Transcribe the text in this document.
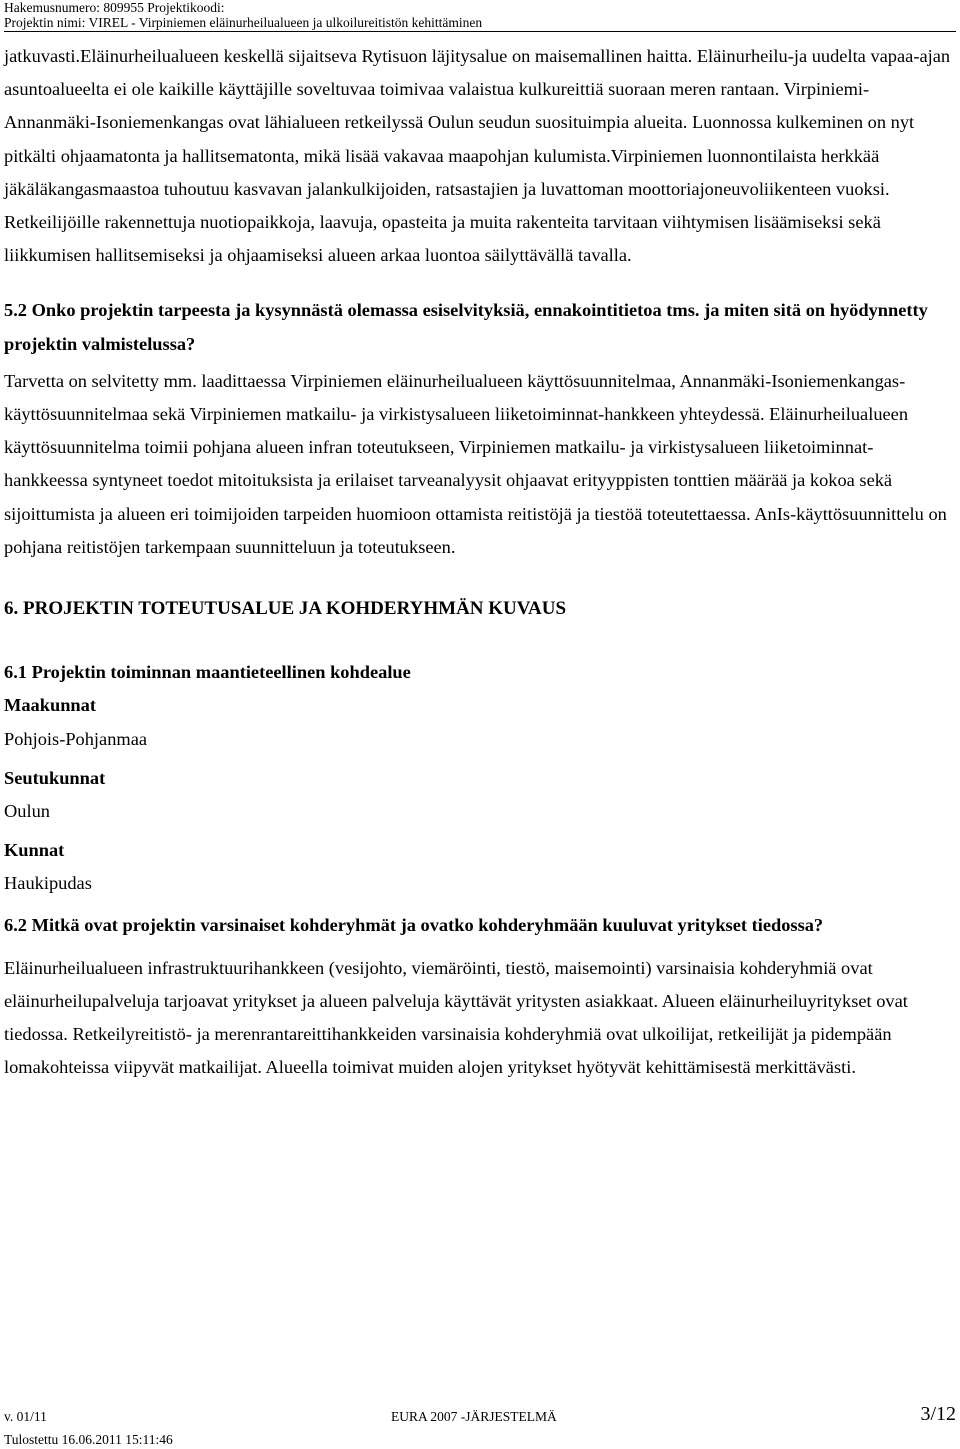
Hakemusnumero: 809955 Projektikoodi:
Projektin nimi: VIREL - Virpiniemen eläinurheilualueen ja ulkoilureitistön kehittäminen

jatkuvasti.Eläinurheilualueen keskellä sijaitseva Rytisuon läjitysalue on maisemallinen haitta. Eläinurheilu-ja uudelta vapaa-ajan asuntoalueelta ei ole kaikille käyttäjille soveltuvaa toimivaa valaistua kulkureittiä suoraan meren rantaan. Virpiniemi-Annanmäki-Isoniemenkangas ovat lähialueen retkeilyssä Oulun seudun suosituimpia alueita. Luonnossa kulkeminen on nyt pitkälti ohjaamatonta ja hallitsematonta, mikä lisää vakavaa maapohjan kulumista.Virpiniemen luonnontilaista herkkää jäkäläkangasmaastoa tuhoutuu kasvavan jalankulkijoiden, ratsastajien ja luvattoman moottoriajoneuvoliikenteen vuoksi. Retkeilijöille rakennettuja nuotiopaikkoja, laavuja, opasteita ja muita rakenteita tarvitaan viihtymisen lisäämiseksi sekä liikkumisen hallitsemiseksi ja ohjaamiseksi alueen arkaa luontoa säilyttävällä tavalla.

5.2 Onko projektin tarpeesta ja kysynnästä olemassa esiselvityksiä, ennakointitietoa tms. ja miten sitä on hyödynnetty projektin valmistelussa?

Tarvetta on selvitetty mm. laadittaessa Virpiniemen eläinurheilualueen käyttösuunnitelmaa, Annanmäki-Isoniemenkangas-käyttösuunnitelmaa sekä Virpiniemen matkailu- ja virkistysalueen liiketoiminnat-hankkeen yhteydessä. Eläinurheilualueen käyttösuunnitelma toimii pohjana alueen infran toteutukseen, Virpiniemen matkailu- ja virkistysalueen liiketoiminnat-hankkeessa syntyneet toedot mitoituksista ja erilaiset tarveanalyysit ohjaavat erityyppisten tonttien määrää ja kokoa sekä sijoittumista ja alueen eri toimijoiden tarpeiden huomioon ottamista reitistöjä ja tiestöä toteutettaessa. AnIs-käyttösuunnittelu on pohjana reitistöjen tarkempaan suunnitteluun ja toteutukseen.

6. PROJEKTIN TOTEUTUSALUE JA KOHDERYHMÄN KUVAUS

6.1 Projektin toiminnan maantieteellinen kohdealue

Maakunnat

Pohjois-Pohjanmaa

Seutukunnat

Oulun

Kunnat

Haukipudas

6.2 Mitkä ovat projektin varsinaiset kohderyhmät ja ovatko kohderyhmään kuuluvat yritykset tiedossa?

Eläinurheilualueen infrastruktuurihankkeen (vesijohto, viemäröinti, tiestö, maisemointi) varsinaisia kohderyhmiä ovat eläinurheilupalveluja tarjoavat yritykset ja alueen palveluja käyttävät yritysten asiakkaat. Alueen eläinurheiluyritykset ovat tiedossa. Retkeilyreitistö- ja merenrantareittihankkeiden varsinaisia kohderyhmiä ovat ulkoilijat, retkeilijät ja pidempään lomakohteissa viipyvät matkailijat. Alueella toimivat muiden alojen yritykset hyötyvät kehittämisestä merkittävästi.

v. 01/11	EURA 2007 -JÄRJESTELMÄ	3/12
Tulostettu 16.06.2011 15:11:46
